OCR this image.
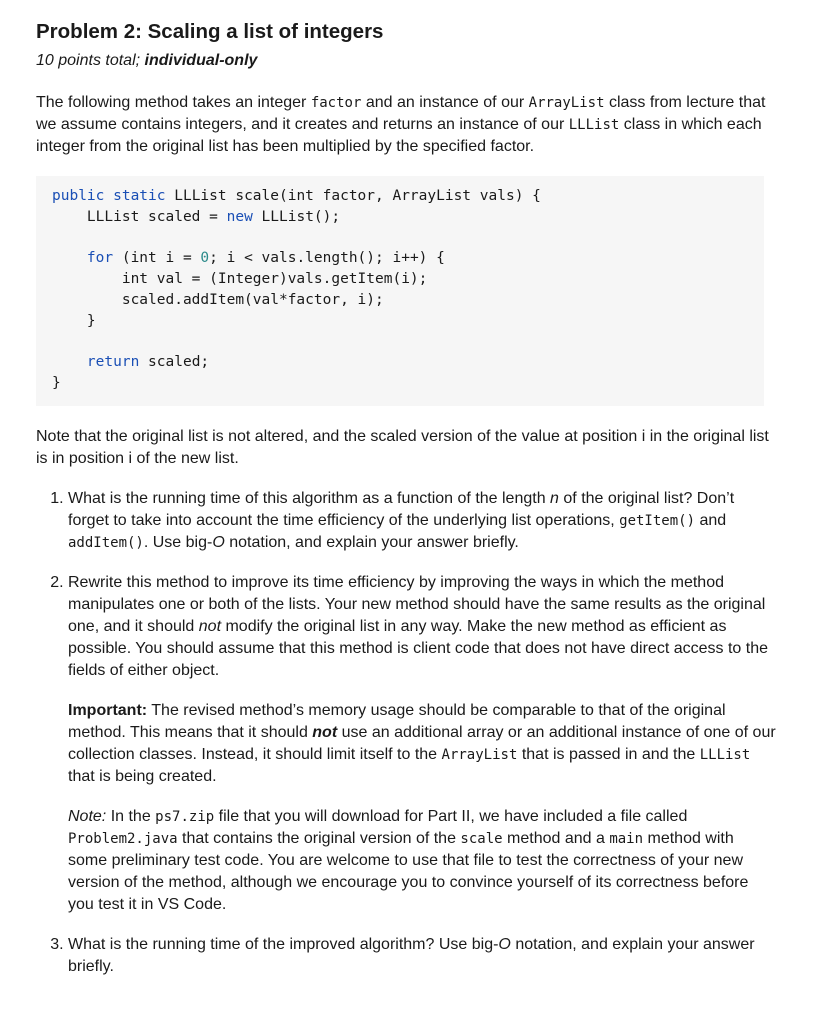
Problem 2: Scaling a list of integers
10 points total; individual-only

The following method takes an integer factor and an instance of our ArrayList class from lecture that we assume contains integers, and it creates and returns an instance of our LLList class in which each integer from the original list has been multiplied by the specified factor.

public static LLList scale(int factor, ArrayList vals) {
LLList scaled = new LLList();

for (int i = 0; i < vals.length(); i++) {
int val = (Integer)vals.getItem(i);
scaled.addItem(val*factor, i);
}

return scaled;
}

Note that the original list is not altered, and the scaled version of the value at position i in the original list is in position i of the new list.

1. What is the running time of this algorithm as a function of the length n of the original list? Don’t forget to take into account the time efficiency of the underlying list operations, getItem() and addItem(). Use big-O notation, and explain your answer briefly.
2. Rewrite this method to improve its time efficiency by improving the ways in which the method manipulates one or both of the lists. Your new method should have the same results as the original one, and it should not modify the original list in any way. Make the new method as efficient as possible. You should assume that this method is client code that does not have direct access to the fields of either object.
Important: The revised method’s memory usage should be comparable to that of the original method. This means that it should not use an additional array or an additional instance of one of our collection classes. Instead, it should limit itself to the ArrayList that is passed in and the LLList that is being created.
Note: In the ps7.zip file that you will download for Part II, we have included a file called Problem2.java that contains the original version of the scale method and a main method with some preliminary test code. You are welcome to use that file to test the correctness of your new version of the method, although we encourage you to convince yourself of its correctness before you test it in VS Code.
3. What is the running time of the improved algorithm? Use big-O notation, and explain your answer briefly.
